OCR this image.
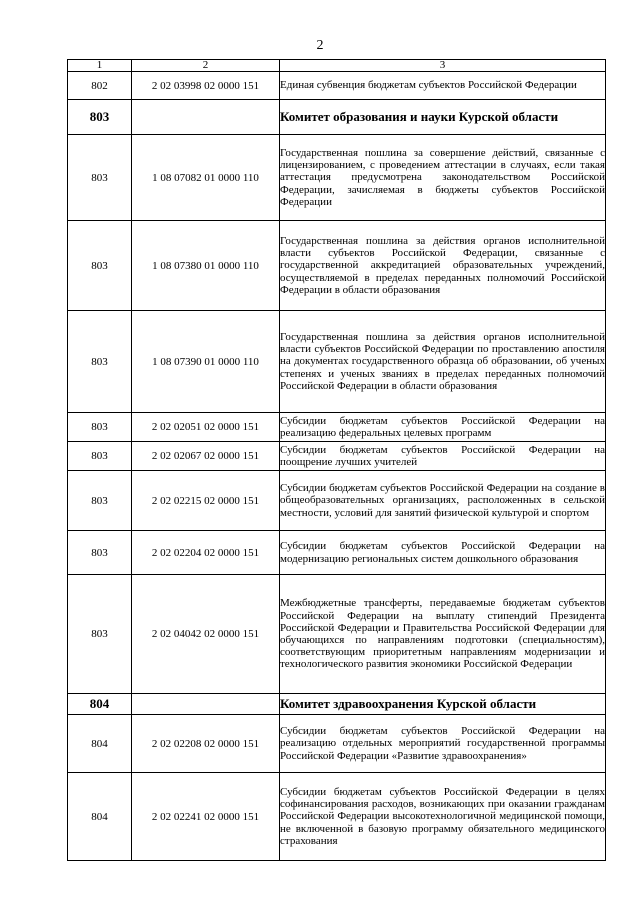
2
1	2	3
802	2 02 03998 02 0000 151	Единая субвенция бюджетам субъектов Российской Федерации
803		Комитет образования и науки Курской области
803	1 08 07082 01 0000 110	Государственная пошлина за совершение действий, связанные с лицензированием, с проведением аттестации в случаях, если такая аттестация предусмотрена законодательством Российской Федерации, зачисляемая в бюджеты субъектов Российской Федерации
803	1 08 07380 01 0000 110	Государственная пошлина за действия органов исполнительной власти субъектов Российской Федерации, связанные с государственной аккредитацией образовательных учреждений, осуществляемой в пределах переданных полномочий Российской Федерации в области образования
803	1 08 07390 01 0000 110	Государственная пошлина за действия органов исполнительной власти субъектов Российской Федерации по проставлению апостиля на документах государственного образца об образовании, об ученых степенях и ученых званиях в пределах переданных полномочий Российской Федерации в области образования
803	2 02 02051 02 0000 151	Субсидии бюджетам субъектов Российской Федерации на реализацию федеральных целевых программ
803	2 02 02067 02 0000 151	Субсидии бюджетам субъектов Российской Федерации на поощрение лучших учителей
803	2 02 02215 02 0000 151	Субсидии бюджетам субъектов Российской Федерации на создание в общеобразовательных организациях, расположенных в сельской местности, условий для занятий физической культурой и спортом
803	2 02 02204 02 0000 151	Субсидии бюджетам субъектов Российской Федерации на модернизацию региональных систем дошкольного образования
803	2 02 04042 02 0000 151	Межбюджетные трансферты, передаваемые бюджетам субъектов Российской Федерации на выплату стипендий Президента Российской Федерации и Правительства Российской Федерации для обучающихся по направлениям подготовки (специальностям), соответствующим приоритетным направлениям модернизации и технологического развития экономики Российской Федерации
804		Комитет здравоохранения Курской области
804	2 02 02208 02 0000 151	Субсидии бюджетам субъектов Российской Федерации на реализацию отдельных мероприятий государственной программы Российской Федерации «Развитие здравоохранения»
804	2 02 02241 02 0000 151	Субсидии бюджетам субъектов Российской Федерации в целях софинансирования расходов, возникающих при оказании гражданам Российской Федерации высокотехнологичной медицинской помощи, не включенной в базовую программу обязательного медицинского страхования
